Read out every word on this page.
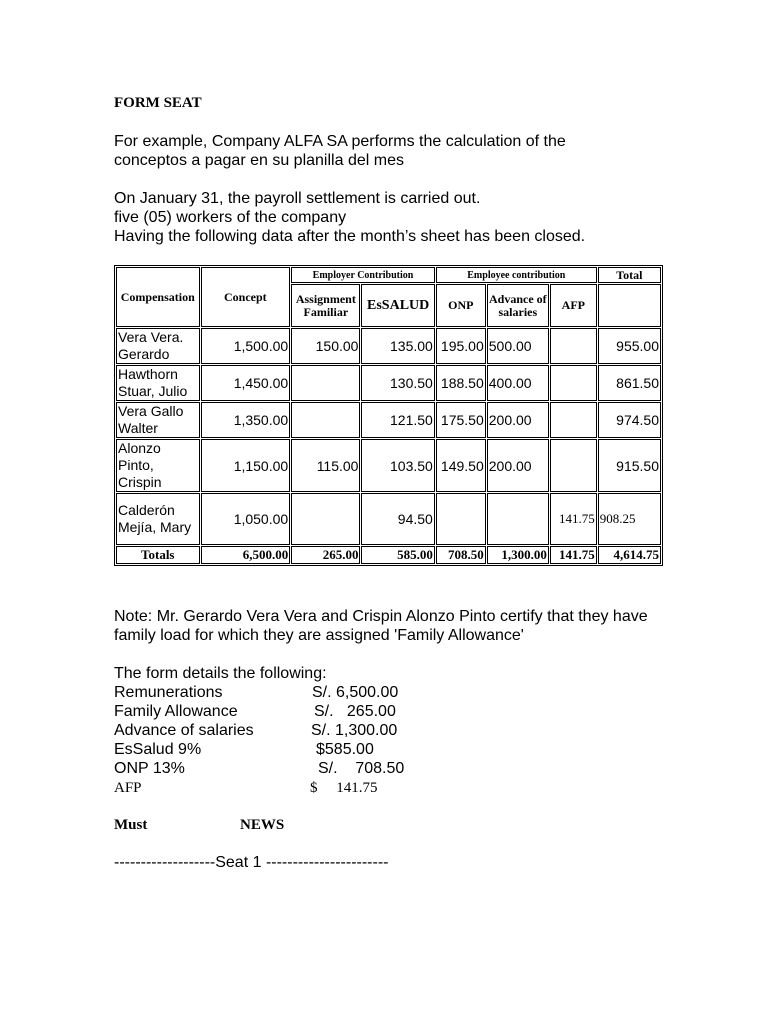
FORM SEAT
For example, Company ALFA SA performs the calculation of the
conceptos a pagar en su planilla del mes
On January 31, the payroll settlement is carried out.
five (05) workers of the company
Having the following data after the month’s sheet has been closed.
Compensation	Concept	Employer Contribution		Employee contribution			Total
		Assignment Familiar	EsSALUD	ONP	Advance of salaries	AFP	
Vera Vera. Gerardo	1,500.00	150.00	135.00	195.00	500.00		955.00
Hawthorn Stuar, Julio	1,450.00		130.50	188.50	400.00		861.50
Vera Gallo Walter	1,350.00		121.50	175.50	200.00		974.50
Alonzo Pinto, Crispin	1,150.00	115.00	103.50	149.50	200.00		915.50
Calderón Mejía, Mary	1,050.00		94.50			141.75	908.25
Totals	6,500.00	265.00	585.00	708.50	1,300.00	141.75	4,614.75
Note: Mr. Gerardo Vera Vera and Crispin Alonzo Pinto certify that they have
family load for which they are assigned 'Family Allowance'
The form details the following:
Remunerations	S/. 6,500.00
Family Allowance	S/.   265.00
Advance of salaries	S/. 1,300.00
EsSalud 9%	$585.00
ONP 13%	S/.    708.50
AFP	$     141.75
Must	NEWS
-------------------Seat 1 -----------------------
